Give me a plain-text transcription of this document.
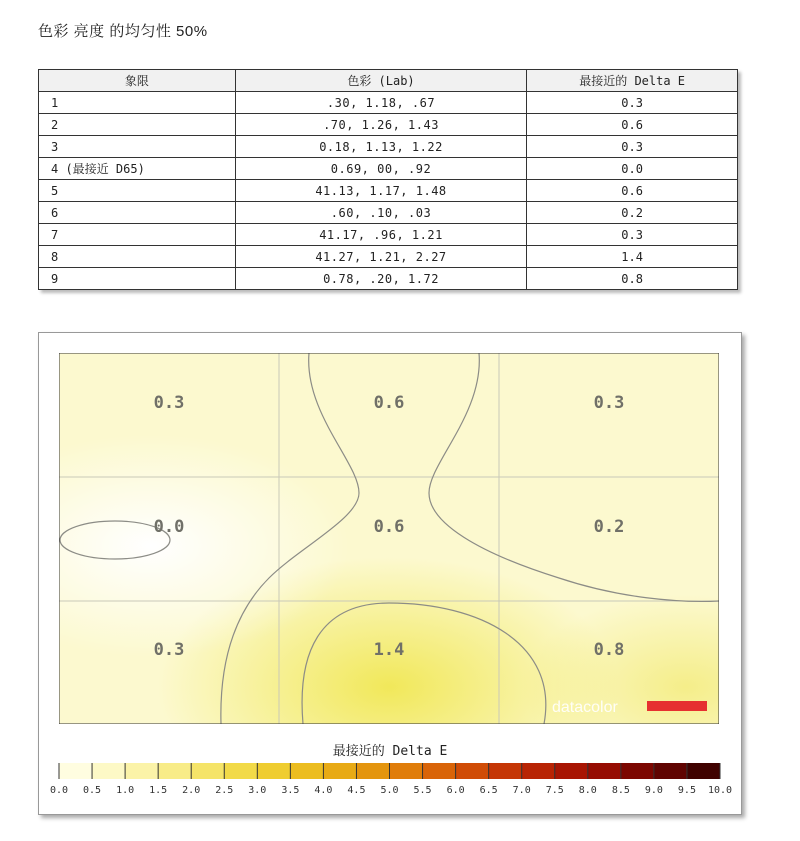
色彩 亮度 的均匀性 50%
象限	色彩 (Lab)	最接近的 Delta E
1	.30, 1.18, .67	0.3
2	.70, 1.26, 1.43	0.6
3	0.18, 1.13, 1.22	0.3
4 (最接近 D65)	0.69, 00, .92	0.0
5	41.13, 1.17, 1.48	0.6
6	.60, .10, .03	0.2
7	41.17, .96, 1.21	0.3
8	41.27, 1.21, 2.27	1.4
9	0.78, .20, 1.72	0.8
0.3	0.6	0.3
0.0	0.6	0.2
0.3	1.4	0.8
datacolor
最接近的 Delta E
0.0 0.5 1.0 1.5 2.0 2.5 3.0 3.5 4.0 4.5 5.0 5.5 6.0 6.5 7.0 7.5 8.0 8.5 9.0 9.5 10.0
